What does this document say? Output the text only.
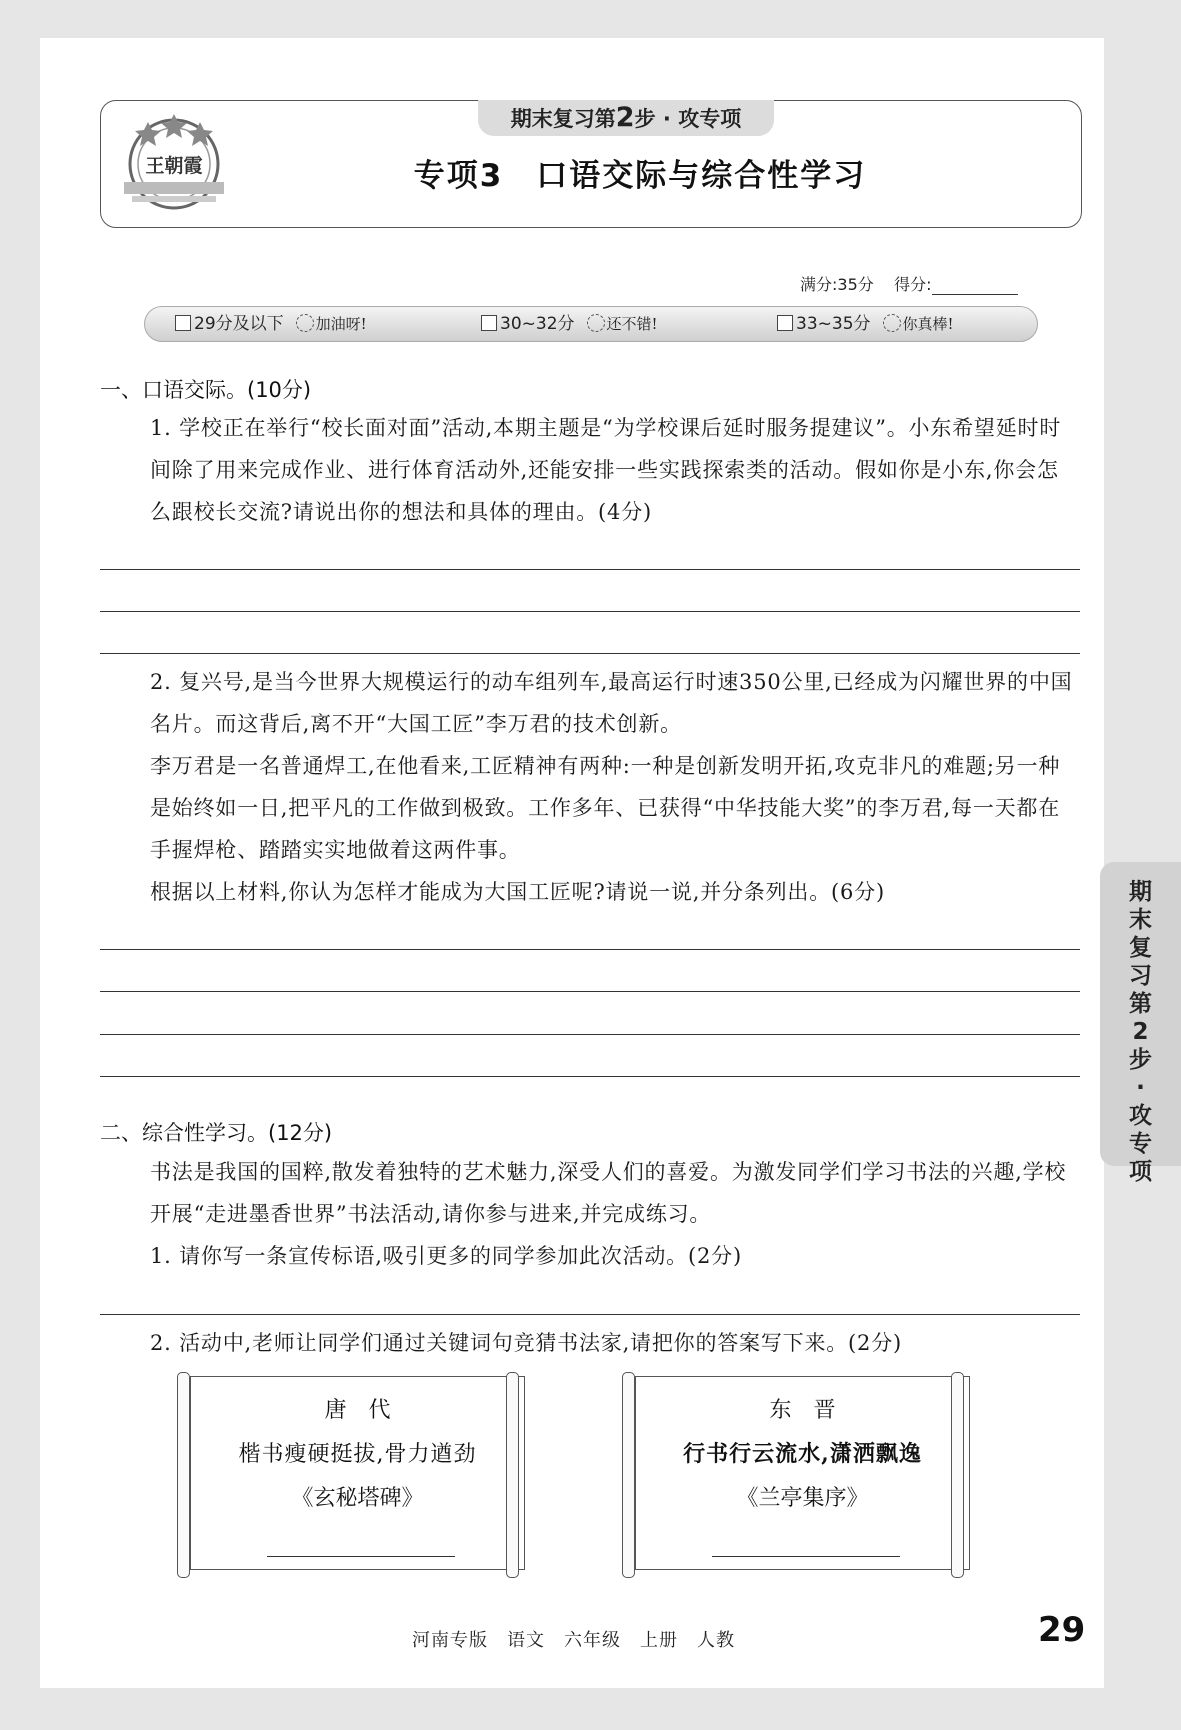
王朝霞
期末复习第2步 · 攻专项
专项3　口语交际与综合性学习
满分:35分 得分:
29分及以下 加油呀!	30~32分 还不错!	33~35分 你真棒!
一、口语交际。(10分)
1. 学校正在举行“校长面对面”活动,本期主题是“为学校课后延时服务提建议”。小东希望延时时间除了用来完成作业、进行体育活动外,还能安排一些实践探索类的活动。假如你是小东,你会怎么跟校长交流?请说出你的想法和具体的理由。(4分)
2. 复兴号,是当今世界大规模运行的动车组列车,最高运行时速350公里,已经成为闪耀世界的中国名片。而这背后,离不开“大国工匠”李万君的技术创新。
李万君是一名普通焊工,在他看来,工匠精神有两种:一种是创新发明开拓,攻克非凡的难题;另一种是始终如一日,把平凡的工作做到极致。工作多年、已获得“中华技能大奖”的李万君,每一天都在手握焊枪、踏踏实实地做着这两件事。
根据以上材料,你认为怎样才能成为大国工匠呢?请说一说,并分条列出。(6分)
二、综合性学习。(12分)
书法是我国的国粹,散发着独特的艺术魅力,深受人们的喜爱。为激发同学们学习书法的兴趣,学校开展“走进墨香世界”书法活动,请你参与进来,并完成练习。
1. 请你写一条宣传标语,吸引更多的同学参加此次活动。(2分)
2. 活动中,老师让同学们通过关键词句竞猜书法家,请把你的答案写下来。(2分)
唐　代
楷书瘦硬挺拔,骨力遒劲
《玄秘塔碑》
东　晋
行书行云流水,潇洒飘逸
《兰亭集序》
期末复习第2步·攻专项
河南专版　语文　六年级　上册　人教	29
